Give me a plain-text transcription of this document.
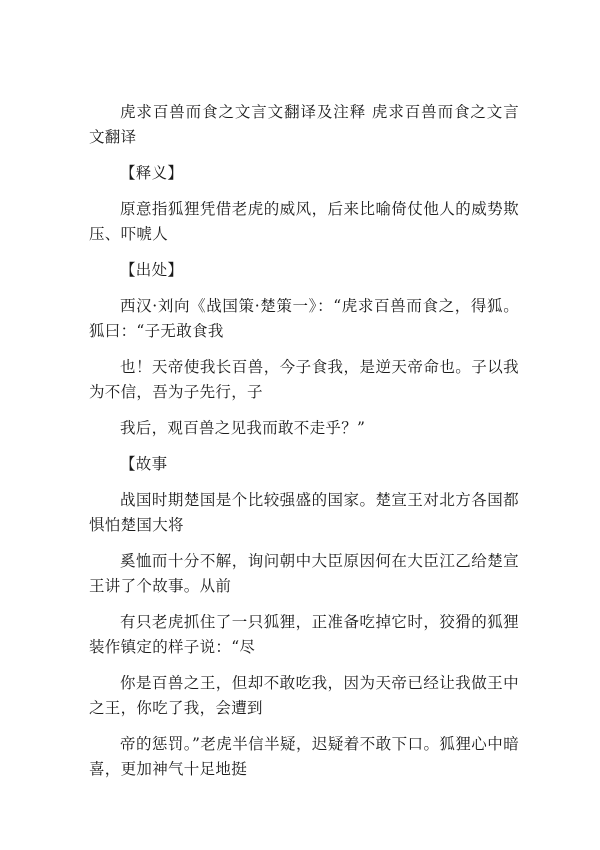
虎求百兽而食之文言文翻译及注释 虎求百兽而食之文言文翻译

【释义】

原意指狐狸凭借老虎的威风，后来比喻倚仗他人的威势欺压、吓唬人

【出处】

西汉·刘向《战国策·楚策一》：“虎求百兽而食之，得狐。狐曰：“子无敢食我

也！天帝使我长百兽，今子食我，是逆天帝命也。子以我为不信，吾为子先行，子

我后，观百兽之见我而敢不走乎？”

【故事

战国时期楚国是个比较强盛的国家。楚宣王对北方各国都惧怕楚国大将

奚恤而十分不解，询问朝中大臣原因何在大臣江乙给楚宣王讲了个故事。从前

有只老虎抓住了一只狐狸，正准备吃掉它时，狡猾的狐狸装作镇定的样子说：“尽

你是百兽之王，但却不敢吃我，因为天帝已经让我做王中之王，你吃了我，会遭到

帝的惩罚。”老虎半信半疑，迟疑着不敢下口。狐狸心中暗喜，更加神气十足地挺
